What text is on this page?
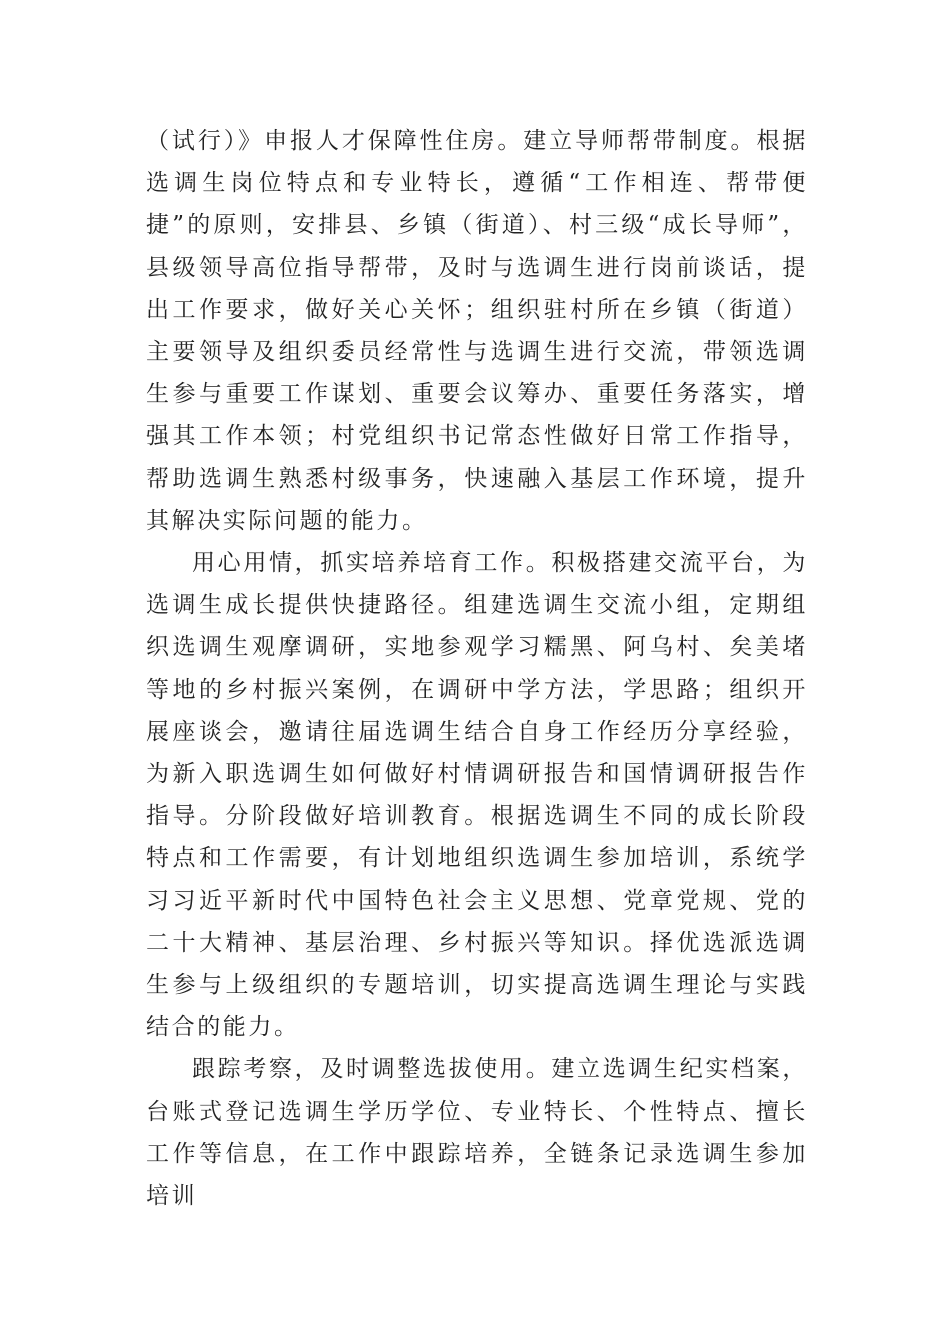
（试行）》申报人才保障性住房。建立导师帮带制度。根据选调生岗位特点和专业特长，遵循“工作相连、帮带便捷”的原则，安排县、乡镇（街道）、村三级“成长导师”，县级领导高位指导帮带，及时与选调生进行岗前谈话，提出工作要求，做好关心关怀；组织驻村所在乡镇（街道）主要领导及组织委员经常性与选调生进行交流，带领选调生参与重要工作谋划、重要会议筹办、重要任务落实，增强其工作本领；村党组织书记常态性做好日常工作指导，帮助选调生熟悉村级事务，快速融入基层工作环境，提升其解决实际问题的能力。

用心用情，抓实培养培育工作。积极搭建交流平台，为选调生成长提供快捷路径。组建选调生交流小组，定期组织选调生观摩调研，实地参观学习糯黑、阿乌村、矣美堵等地的乡村振兴案例，在调研中学方法，学思路；组织开展座谈会，邀请往届选调生结合自身工作经历分享经验，为新入职选调生如何做好村情调研报告和国情调研报告作指导。分阶段做好培训教育。根据选调生不同的成长阶段特点和工作需要，有计划地组织选调生参加培训，系统学习习近平新时代中国特色社会主义思想、党章党规、党的二十大精神、基层治理、乡村振兴等知识。择优选派选调生参与上级组织的专题培训，切实提高选调生理论与实践结合的能力。

跟踪考察，及时调整选拔使用。建立选调生纪实档案，台账式登记选调生学历学位、专业特长、个性特点、擅长工作等信息，在工作中跟踪培养，全链条记录选调生参加培训
